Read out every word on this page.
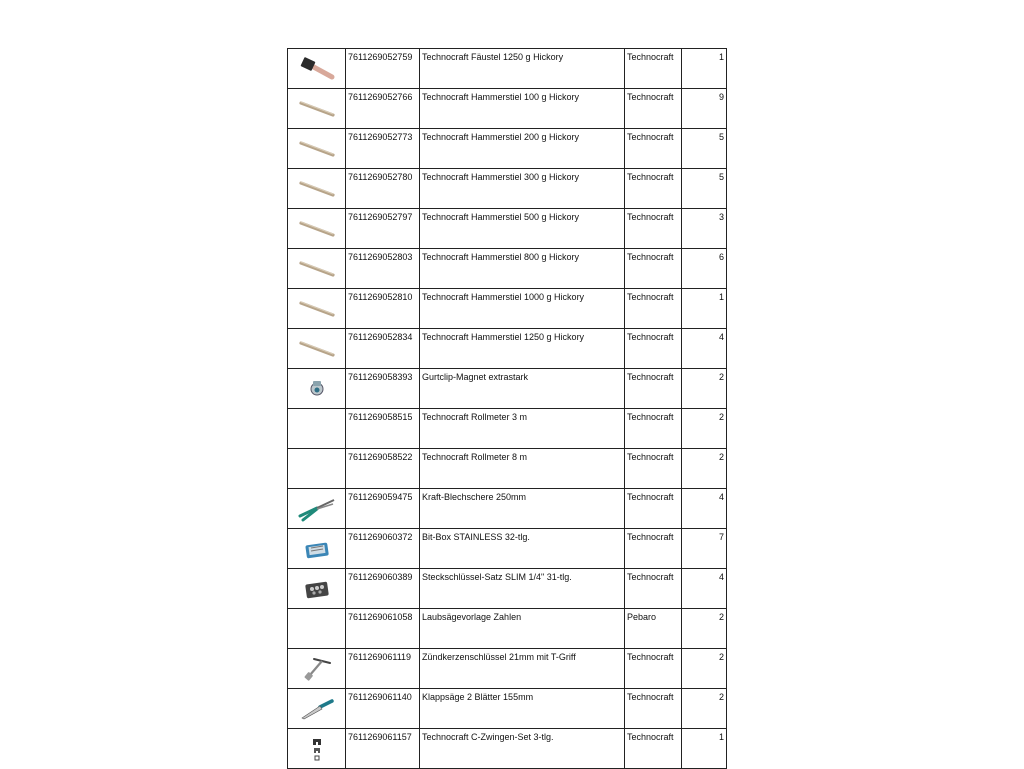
	7611269052759	Technocraft Fäustel 1250 g Hickory	Technocraft	1

	7611269052766	Technocraft Hammerstiel 100 g Hickory	Technocraft	9

	7611269052773	Technocraft Hammerstiel 200 g Hickory	Technocraft	5

	7611269052780	Technocraft Hammerstiel 300 g Hickory	Technocraft	5

	7611269052797	Technocraft Hammerstiel 500 g Hickory	Technocraft	3

	7611269052803	Technocraft Hammerstiel 800 g Hickory	Technocraft	6

	7611269052810	Technocraft Hammerstiel 1000 g Hickory	Technocraft	1

	7611269052834	Technocraft Hammerstiel 1250 g Hickory	Technocraft	4

	7611269058393	Gurtclip-Magnet extrastark	Technocraft	2
	7611269058515	Technocraft Rollmeter 3 m	Technocraft	2
	7611269058522	Technocraft Rollmeter 8 m	Technocraft	2

	7611269059475	Kraft-Blechschere 250mm	Technocraft	4

	7611269060372	Bit-Box STAINLESS 32-tlg.	Technocraft	7

	7611269060389	Steckschlüssel-Satz SLIM 1/4" 31-tlg.	Technocraft	4
	7611269061058	Laubsägevorlage Zahlen	Pebaro	2

	7611269061119	Zündkerzenschlüssel 21mm mit T-Griff	Technocraft	2

	7611269061140	Klappsäge 2 Blätter 155mm	Technocraft	2

	7611269061157	Technocraft C-Zwingen-Set 3-tlg.	Technocraft	1
